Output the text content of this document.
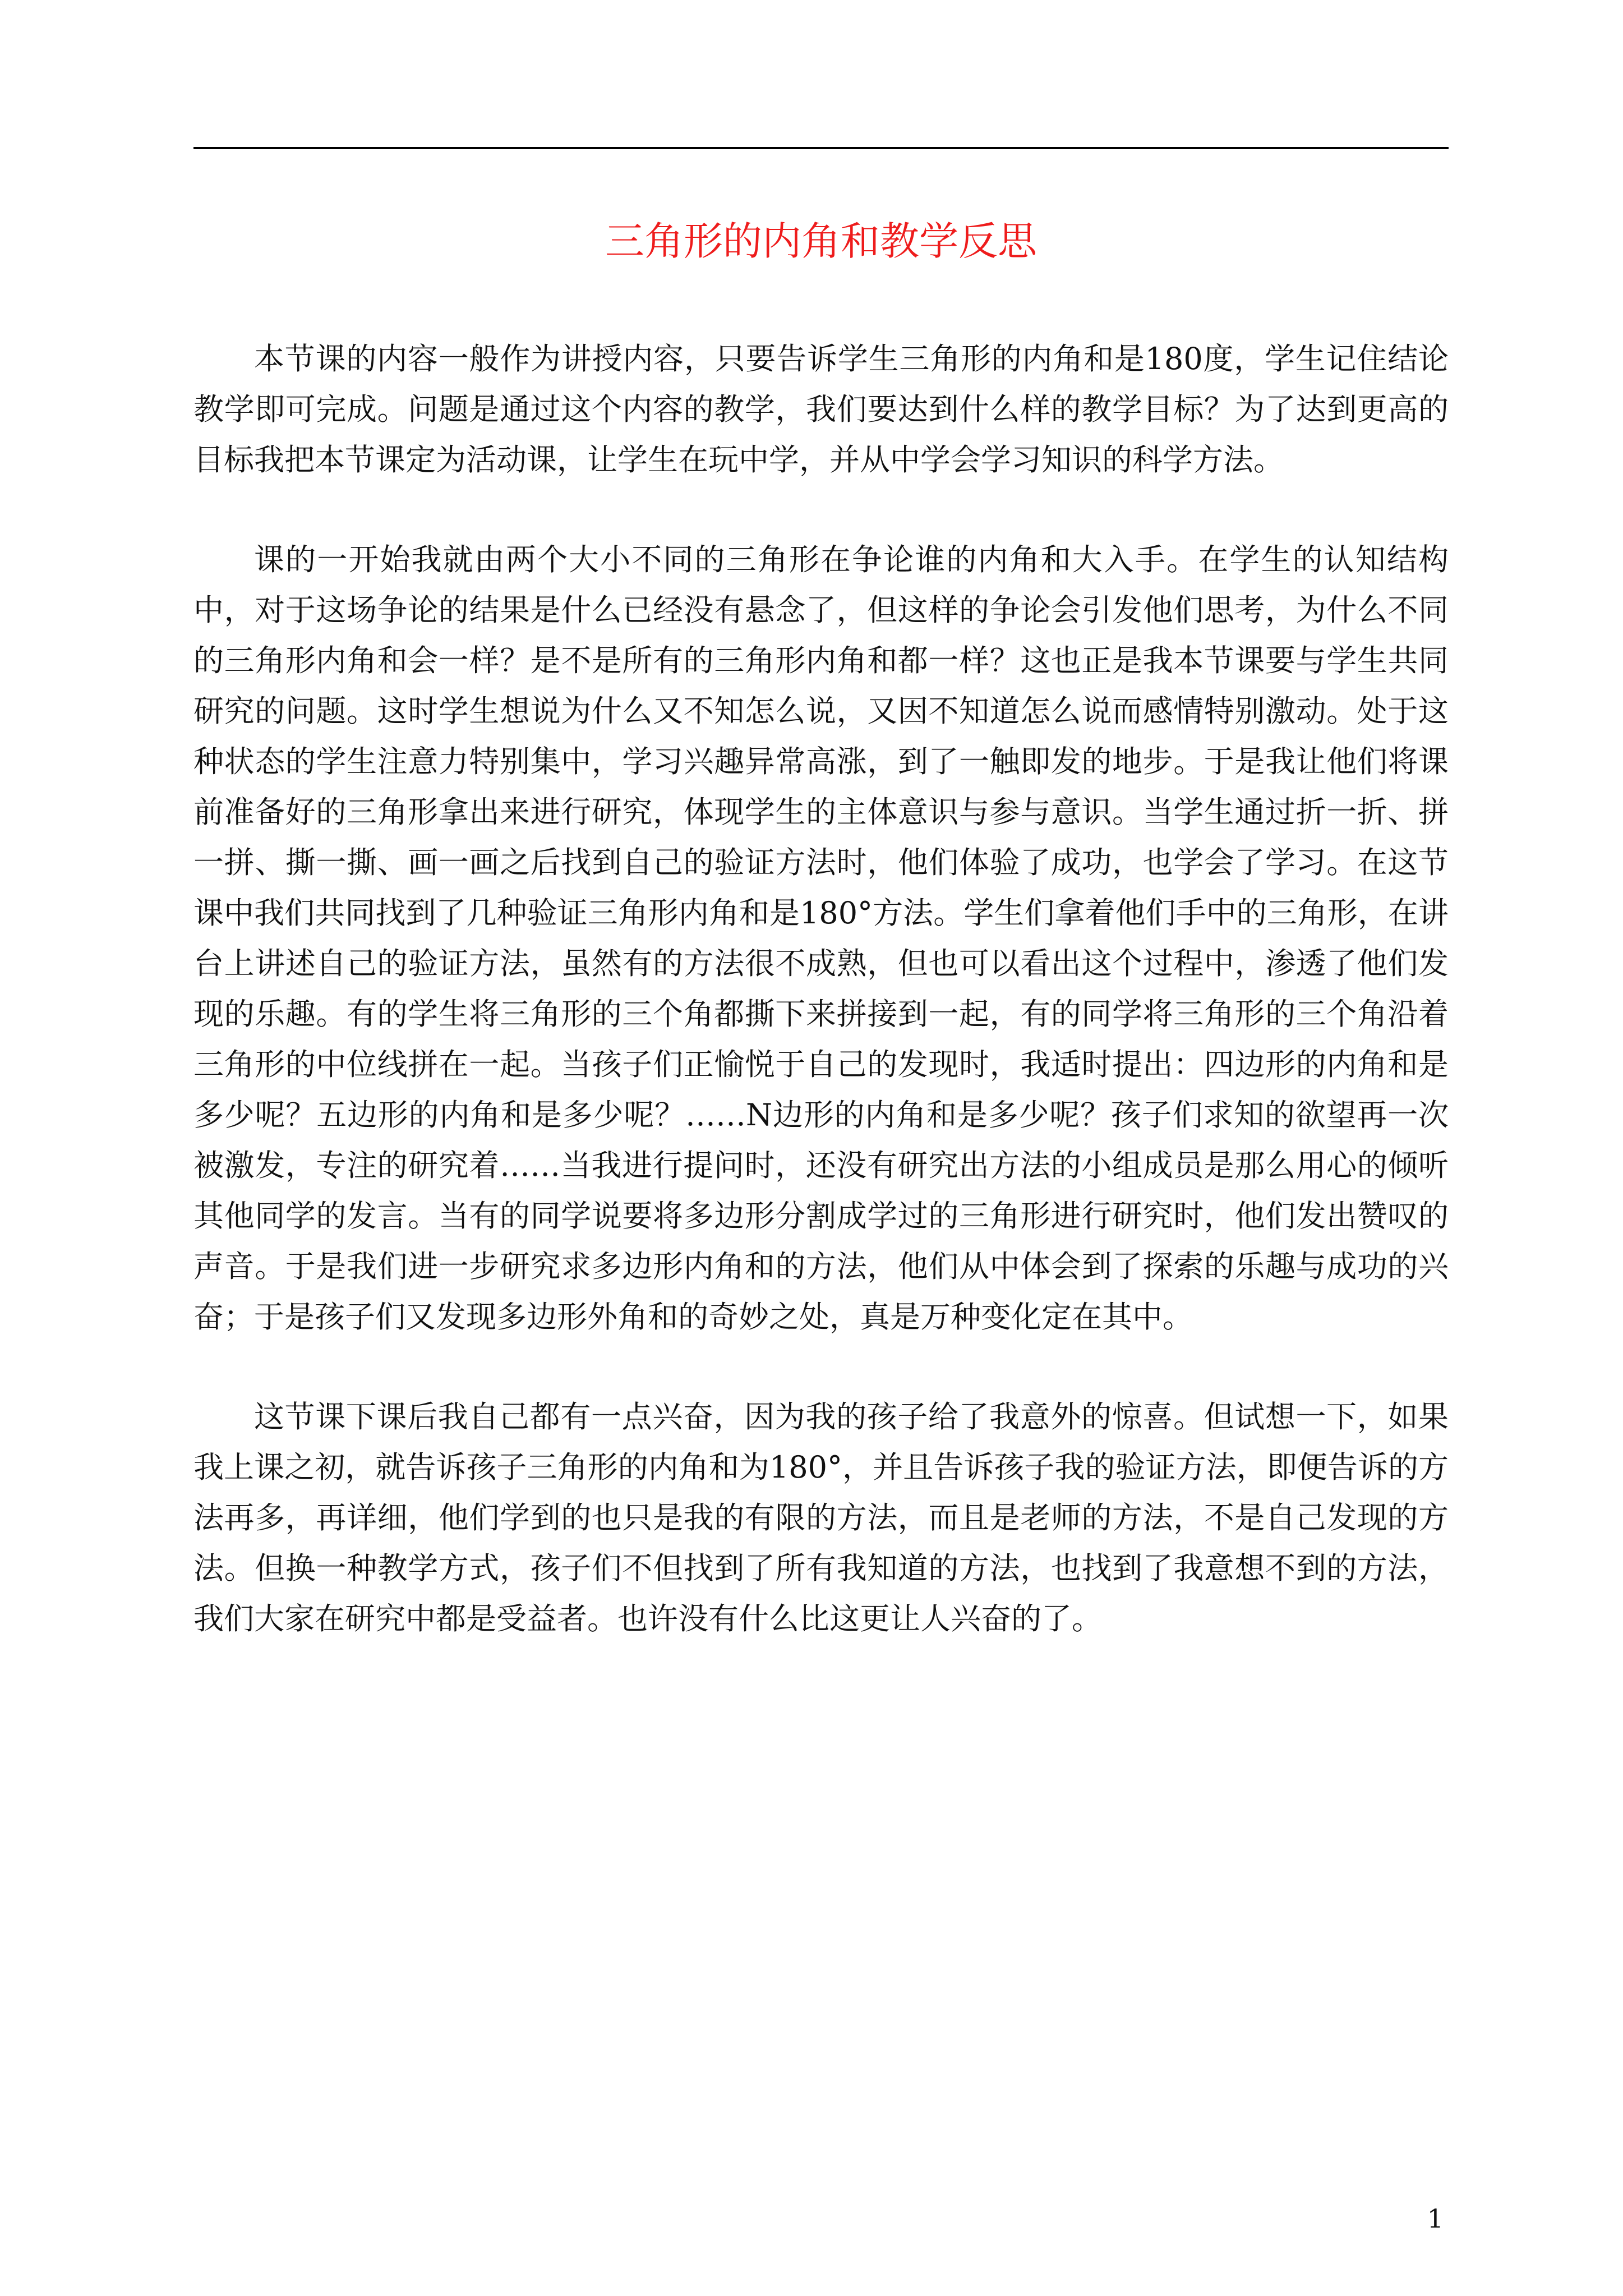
三角形的内角和教学反思

本节课的内容一般作为讲授内容，只要告诉学生三角形的内角和是180度，学生记住结论教学即可完成。问题是通过这个内容的教学，我们要达到什么样的教学目标？为了达到更高的目标我把本节课定为活动课，让学生在玩中学，并从中学会学习知识的科学方法。

课的一开始我就由两个大小不同的三角形在争论谁的内角和大入手。在学生的认知结构中，对于这场争论的结果是什么已经没有悬念了，但这样的争论会引发他们思考，为什么不同的三角形内角和会一样？是不是所有的三角形内角和都一样？这也正是我本节课要与学生共同研究的问题。这时学生想说为什么又不知怎么说，又因不知道怎么说而感情特别激动。处于这种状态的学生注意力特别集中，学习兴趣异常高涨，到了一触即发的地步。于是我让他们将课前准备好的三角形拿出来进行研究，体现学生的主体意识与参与意识。当学生通过折一折、拼一拼、撕一撕、画一画之后找到自己的验证方法时，他们体验了成功，也学会了学习。在这节课中我们共同找到了几种验证三角形内角和是180°方法。学生们拿着他们手中的三角形，在讲台上讲述自己的验证方法，虽然有的方法很不成熟，但也可以看出这个过程中，渗透了他们发现的乐趣。有的学生将三角形的三个角都撕下来拼接到一起，有的同学将三角形的三个角沿着三角形的中位线拼在一起。当孩子们正愉悦于自己的发现时，我适时提出：四边形的内角和是多少呢？五边形的内角和是多少呢？……N边形的内角和是多少呢？孩子们求知的欲望再一次被激发，专注的研究着……当我进行提问时，还没有研究出方法的小组成员是那么用心的倾听其他同学的发言。当有的同学说要将多边形分割成学过的三角形进行研究时，他们发出赞叹的声音。于是我们进一步研究求多边形内角和的方法，他们从中体会到了探索的乐趣与成功的兴奋；于是孩子们又发现多边形外角和的奇妙之处，真是万种变化定在其中。

这节课下课后我自己都有一点兴奋，因为我的孩子给了我意外的惊喜。但试想一下，如果我上课之初，就告诉孩子三角形的内角和为180°，并且告诉孩子我的验证方法，即便告诉的方法再多，再详细，他们学到的也只是我的有限的方法，而且是老师的方法，不是自己发现的方法。但换一种教学方式，孩子们不但找到了所有我知道的方法，也找到了我意想不到的方法，我们大家在研究中都是受益者。也许没有什么比这更让人兴奋的了。

1
